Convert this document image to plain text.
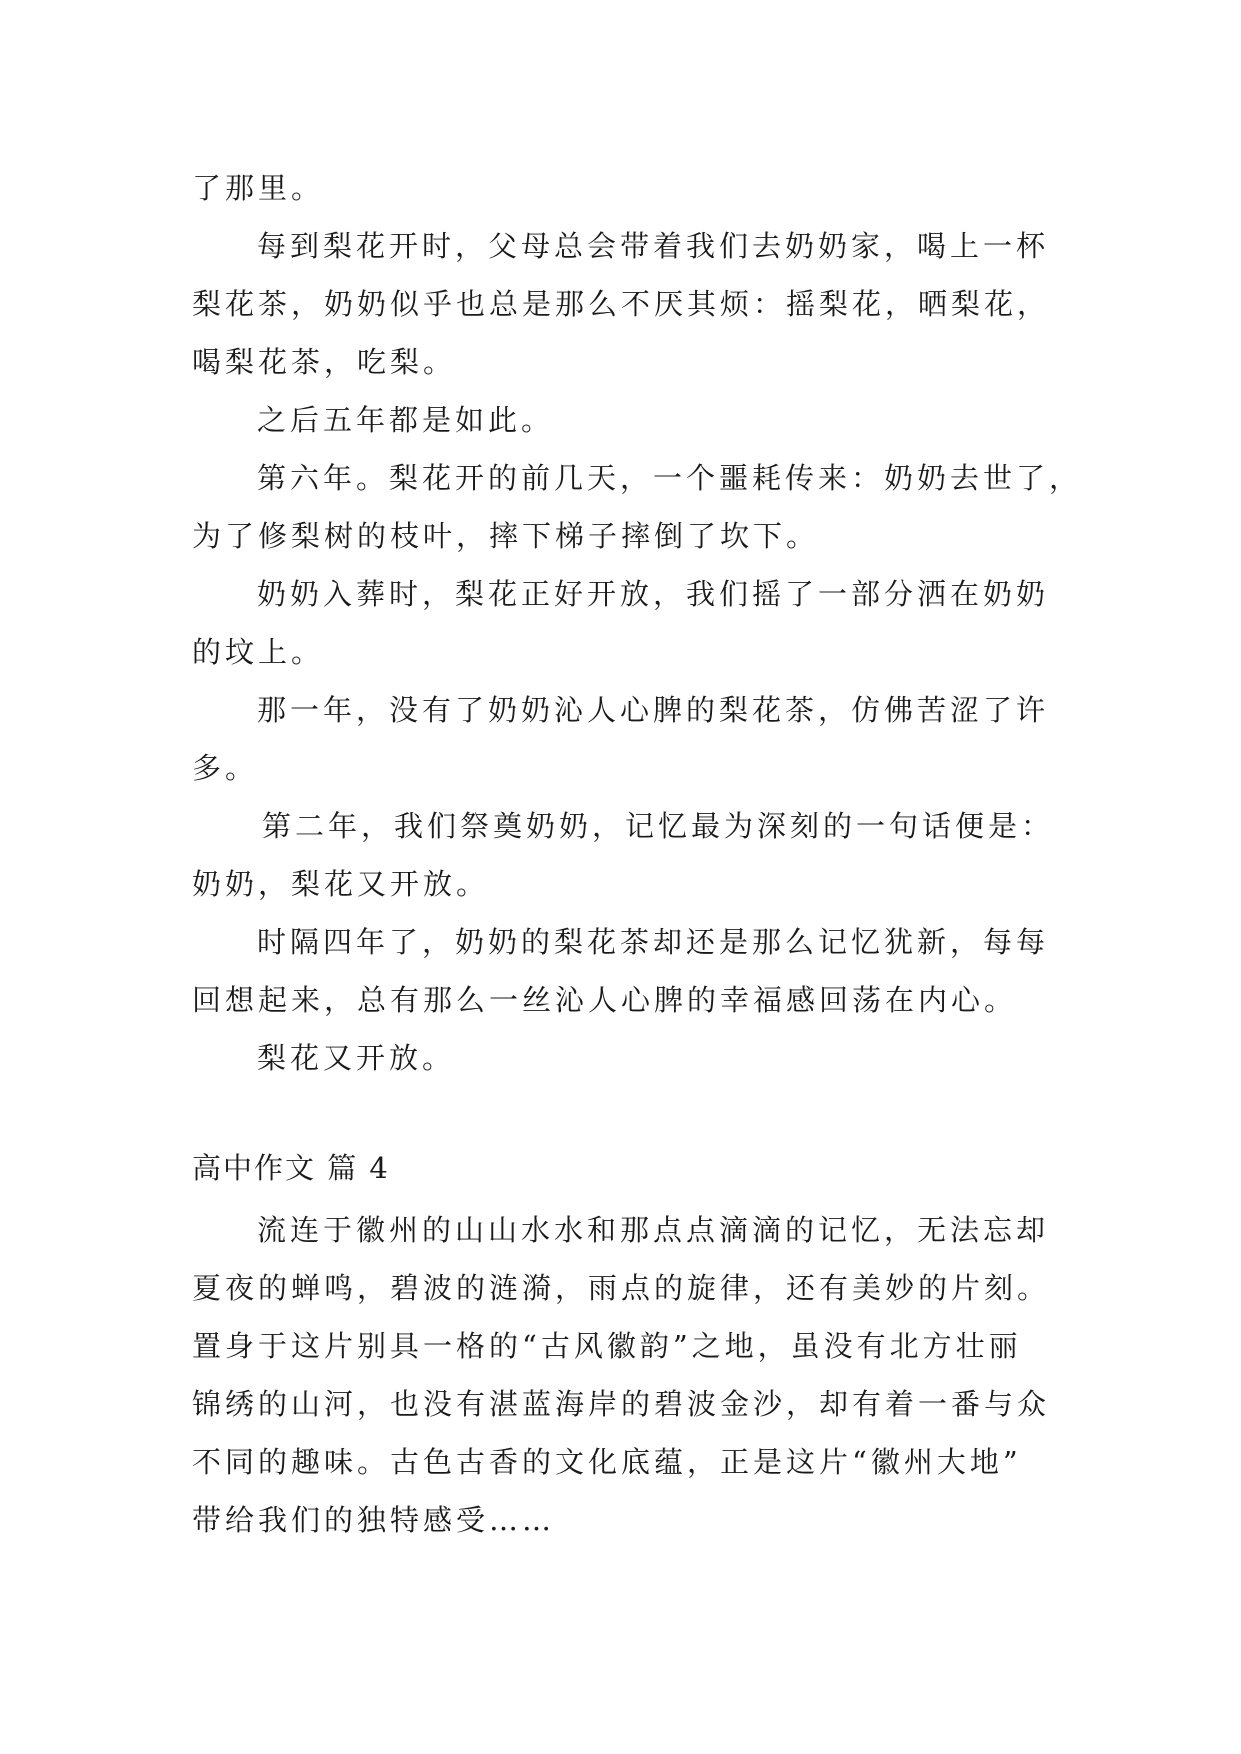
了那里。
每到梨花开时，父母总会带着我们去奶奶家，喝上一杯
梨花茶，奶奶似乎也总是那么不厌其烦：摇梨花，晒梨花，
喝梨花茶，吃梨。
之后五年都是如此。
第六年。梨花开的前几天，一个噩耗传来：奶奶去世了，
为了修梨树的枝叶，摔下梯子摔倒了坎下。
奶奶入葬时，梨花正好开放，我们摇了一部分洒在奶奶
的坟上。
那一年，没有了奶奶沁人心脾的梨花茶，仿佛苦涩了许
多。
第二年，我们祭奠奶奶，记忆最为深刻的一句话便是：
奶奶，梨花又开放。
时隔四年了，奶奶的梨花茶却还是那么记忆犹新，每每
回想起来，总有那么一丝沁人心脾的幸福感回荡在内心。
梨花又开放。
高中作文 篇 4
流连于徽州的山山水水和那点点滴滴的记忆，无法忘却
夏夜的蝉鸣，碧波的涟漪，雨点的旋律，还有美妙的片刻。
置身于这片别具一格的“古风徽韵”之地，虽没有北方壮丽
锦绣的山河，也没有湛蓝海岸的碧波金沙，却有着一番与众
不同的趣味。古色古香的文化底蕴，正是这片“徽州大地”
带给我们的独特感受……
